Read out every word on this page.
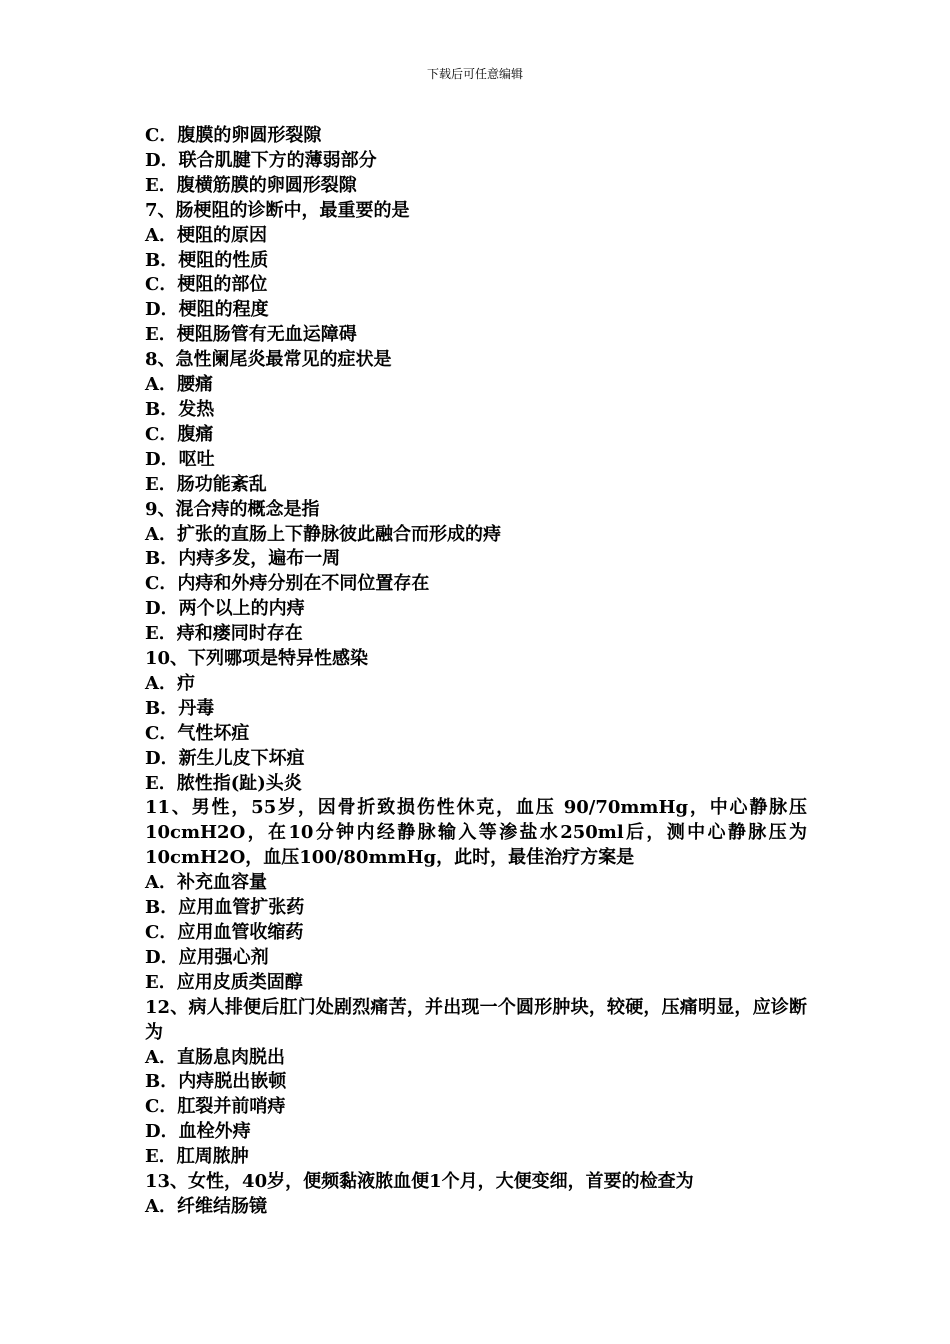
下载后可任意编辑
C．腹膜的卵圆形裂隙
D．联合肌腱下方的薄弱部分
E．腹横筋膜的卵圆形裂隙
7、肠梗阻的诊断中，最重要的是
A．梗阻的原因
B．梗阻的性质
C．梗阻的部位
D．梗阻的程度
E．梗阻肠管有无血运障碍
8、急性阑尾炎最常见的症状是
A．腰痛
B．发热
C．腹痛
D．呕吐
E．肠功能紊乱
9、混合痔的概念是指
A．扩张的直肠上下静脉彼此融合而形成的痔
B．内痔多发，遍布一周
C．内痔和外痔分别在不同位置存在
D．两个以上的内痔
E．痔和瘘同时存在
10、下列哪项是特异性感染
A．疖
B．丹毒
C．气性坏疽
D．新生儿皮下坏疽
E．脓性指(趾)头炎
11、男性，55岁，因骨折致损伤性休克，血压 90/70mmHg，中心静脉压10cmH2O，在10分钟内经静脉输入等渗盐水250ml后，测中心静脉压为10cmH2O，血压100/80mmHg，此时，最佳治疗方案是
A．补充血容量
B．应用血管扩张药
C．应用血管收缩药
D．应用强心剂
E．应用皮质类固醇
12、病人排便后肛门处剧烈痛苦，并出现一个圆形肿块，较硬，压痛明显，应诊断为
A．直肠息肉脱出
B．内痔脱出嵌顿
C．肛裂并前哨痔
D．血栓外痔
E．肛周脓肿
13、女性，40岁，便频黏液脓血便1个月，大便变细，首要的检查为
A．纤维结肠镜
